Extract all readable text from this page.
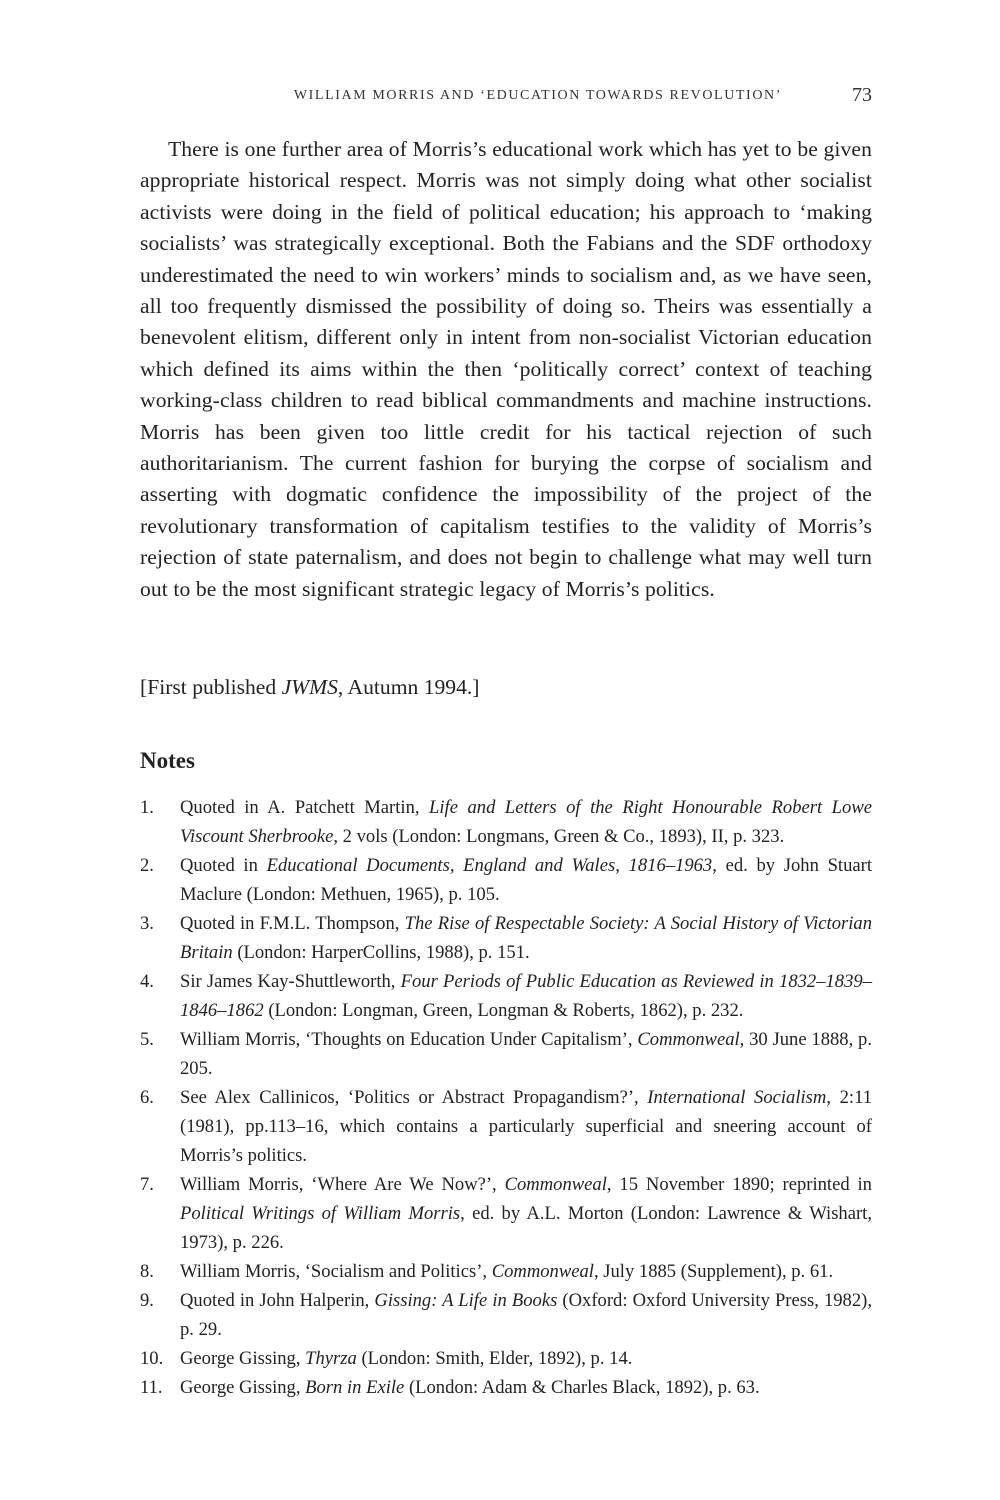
WILLIAM MORRIS AND ‘EDUCATION TOWARDS REVOLUTION’	73

There is one further area of Morris’s educational work which has yet to be given appropriate historical respect. Morris was not simply doing what other socialist activists were doing in the field of political education; his approach to ‘making socialists’ was strategically exceptional. Both the Fabians and the SDF orthodoxy underestimated the need to win workers’ minds to socialism and, as we have seen, all too frequently dismissed the possibility of doing so. Theirs was essentially a benevolent elitism, different only in intent from non-socialist Victorian education which defined its aims within the then ‘politically correct’ context of teaching working-class children to read biblical commandments and machine instructions. Morris has been given too little credit for his tactical rejection of such authoritarianism. The current fashion for burying the corpse of socialism and asserting with dogmatic confidence the impossibility of the project of the revolutionary transformation of capitalism testifies to the validity of Morris’s rejection of state paternalism, and does not begin to challenge what may well turn out to be the most significant strategic legacy of Morris’s politics.

[First published JWMS, Autumn 1994.]

Notes
1. Quoted in A. Patchett Martin, Life and Letters of the Right Honourable Robert Lowe Viscount Sherbrooke, 2 vols (London: Longmans, Green & Co., 1893), II, p. 323.
2. Quoted in Educational Documents, England and Wales, 1816–1963, ed. by John Stuart Maclure (London: Methuen, 1965), p. 105.
3. Quoted in F.M.L. Thompson, The Rise of Respectable Society: A Social History of Victorian Britain (London: HarperCollins, 1988), p. 151.
4. Sir James Kay-Shuttleworth, Four Periods of Public Education as Reviewed in 1832–1839–1846–1862 (London: Longman, Green, Longman & Roberts, 1862), p. 232.
5. William Morris, ‘Thoughts on Education Under Capitalism’, Commonweal, 30 June 1888, p. 205.
6. See Alex Callinicos, ‘Politics or Abstract Propagandism?’, International Socialism, 2:11 (1981), pp.113–16, which contains a particularly superficial and sneering account of Morris’s politics.
7. William Morris, ‘Where Are We Now?’, Commonweal, 15 November 1890; reprinted in Political Writings of William Morris, ed. by A.L. Morton (London: Lawrence & Wishart, 1973), p. 226.
8. William Morris, ‘Socialism and Politics’, Commonweal, July 1885 (Supplement), p. 61.
9. Quoted in John Halperin, Gissing: A Life in Books (Oxford: Oxford University Press, 1982), p. 29.
10. George Gissing, Thyrza (London: Smith, Elder, 1892), p. 14.
11. George Gissing, Born in Exile (London: Adam & Charles Black, 1892), p. 63.
